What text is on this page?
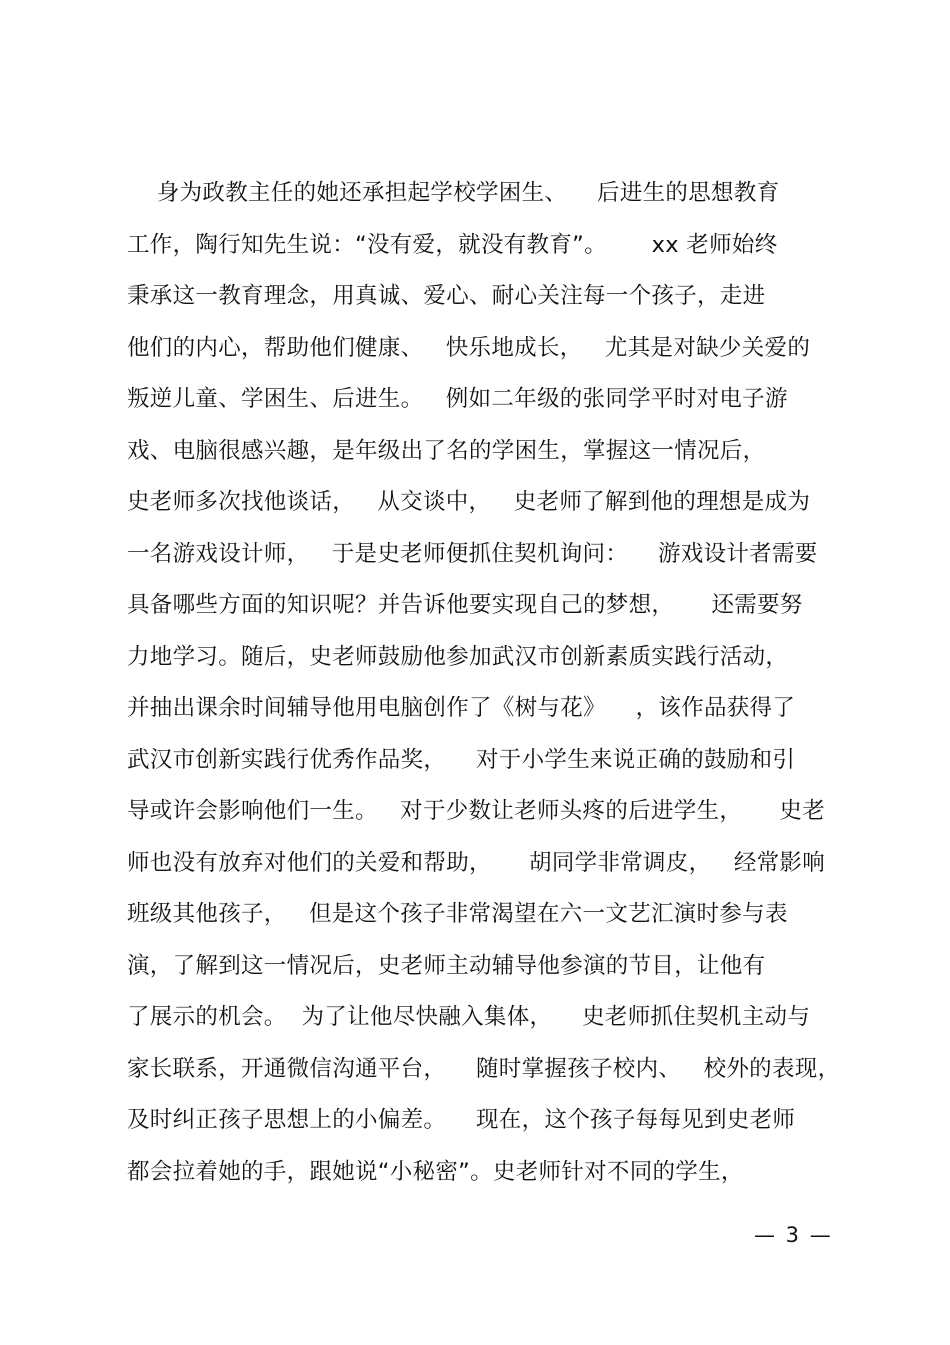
身为政教主任的她还承担起学校学困生、    后进生的思想教育
工作，陶行知先生说：“没有爱，就没有教育”。      xx 老师始终
秉承这一教育理念，用真诚、爱心、耐心关注每一个孩子，走进
他们的内心，帮助他们健康、   快乐地成长，   尤其是对缺少关爱的
叛逆儿童、学困生、后进生。   例如二年级的张同学平时对电子游
戏、电脑很感兴趣，是年级出了名的学困生，掌握这一情况后，
史老师多次找他谈话，   从交谈中，   史老师了解到他的理想是成为
一名游戏设计师，   于是史老师便抓住契机询问：    游戏设计者需要
具备哪些方面的知识呢？并告诉他要实现自己的梦想，     还需要努
力地学习。随后，史老师鼓励他参加武汉市创新素质实践行活动，
并抽出课余时间辅导他用电脑创作了《树与花》    ，该作品获得了
武汉市创新实践行优秀作品奖，    对于小学生来说正确的鼓励和引
导或许会影响他们一生。   对于少数让老师头疼的后进学生，     史老
师也没有放弃对他们的关爱和帮助，     胡同学非常调皮，   经常影响
班级其他孩子，   但是这个孩子非常渴望在六一文艺汇演时参与表
演，了解到这一情况后，史老师主动辅导他参演的节目，让他有
了展示的机会。  为了让他尽快融入集体，    史老师抓住契机主动与
家长联系，开通微信沟通平台，    随时掌握孩子校内、   校外的表现，
及时纠正孩子思想上的小偏差。    现在，这个孩子每每见到史老师
都会拉着她的手，跟她说“小秘密”。史老师针对不同的学生，
— 3 —
